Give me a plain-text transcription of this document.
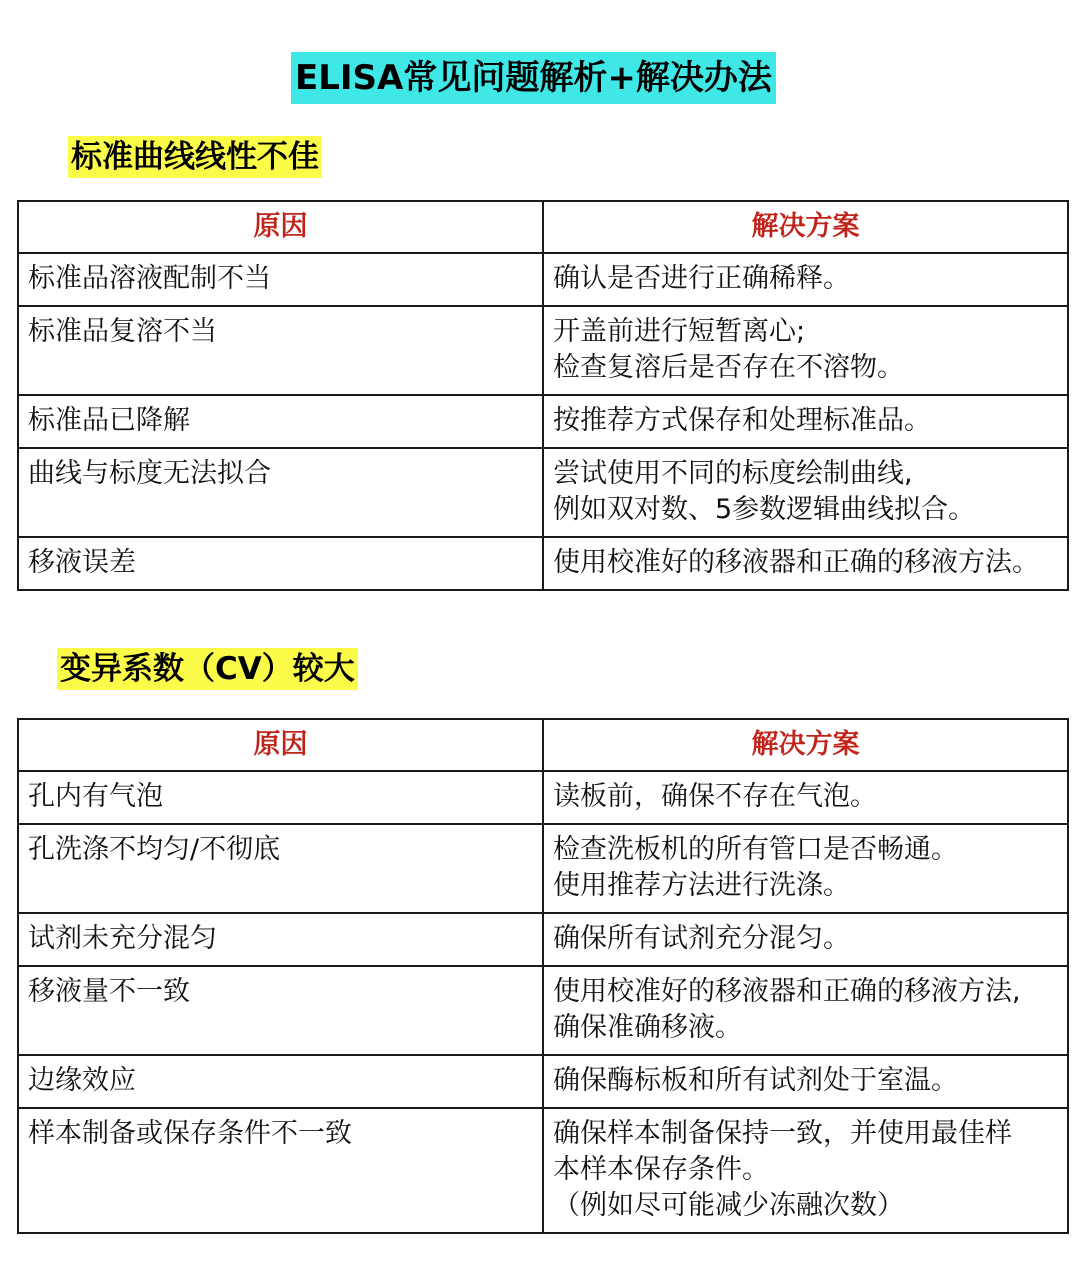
ELISA常见问题解析+解决办法
标准曲线线性不佳
原因	解决方案

标准品溶液配制不当	确认是否进行正确稀释。

标准品复溶不当	开盖前进行短暂离心;
检查复溶后是否存在不溶物。

标准品已降解	按推荐方式保存和处理标准品。

曲线与标度无法拟合	尝试使用不同的标度绘制曲线,
例如双对数、5参数逻辑曲线拟合。

移液误差	使用校准好的移液器和正确的移液方法。
变异系数（CV）较大
原因	解决方案

孔内有气泡	读板前，确保不存在气泡。

孔洗涤不均匀/不彻底	检查洗板机的所有管口是否畅通。
使用推荐方法进行洗涤。

试剂未充分混匀	确保所有试剂充分混匀。

移液量不一致	使用校准好的移液器和正确的移液方法,
确保准确移液。

边缘效应	确保酶标板和所有试剂处于室温。

样本制备或保存条件不一致	确保样本制备保持一致，并使用最佳样
本样本保存条件。
（例如尽可能减少冻融次数）
